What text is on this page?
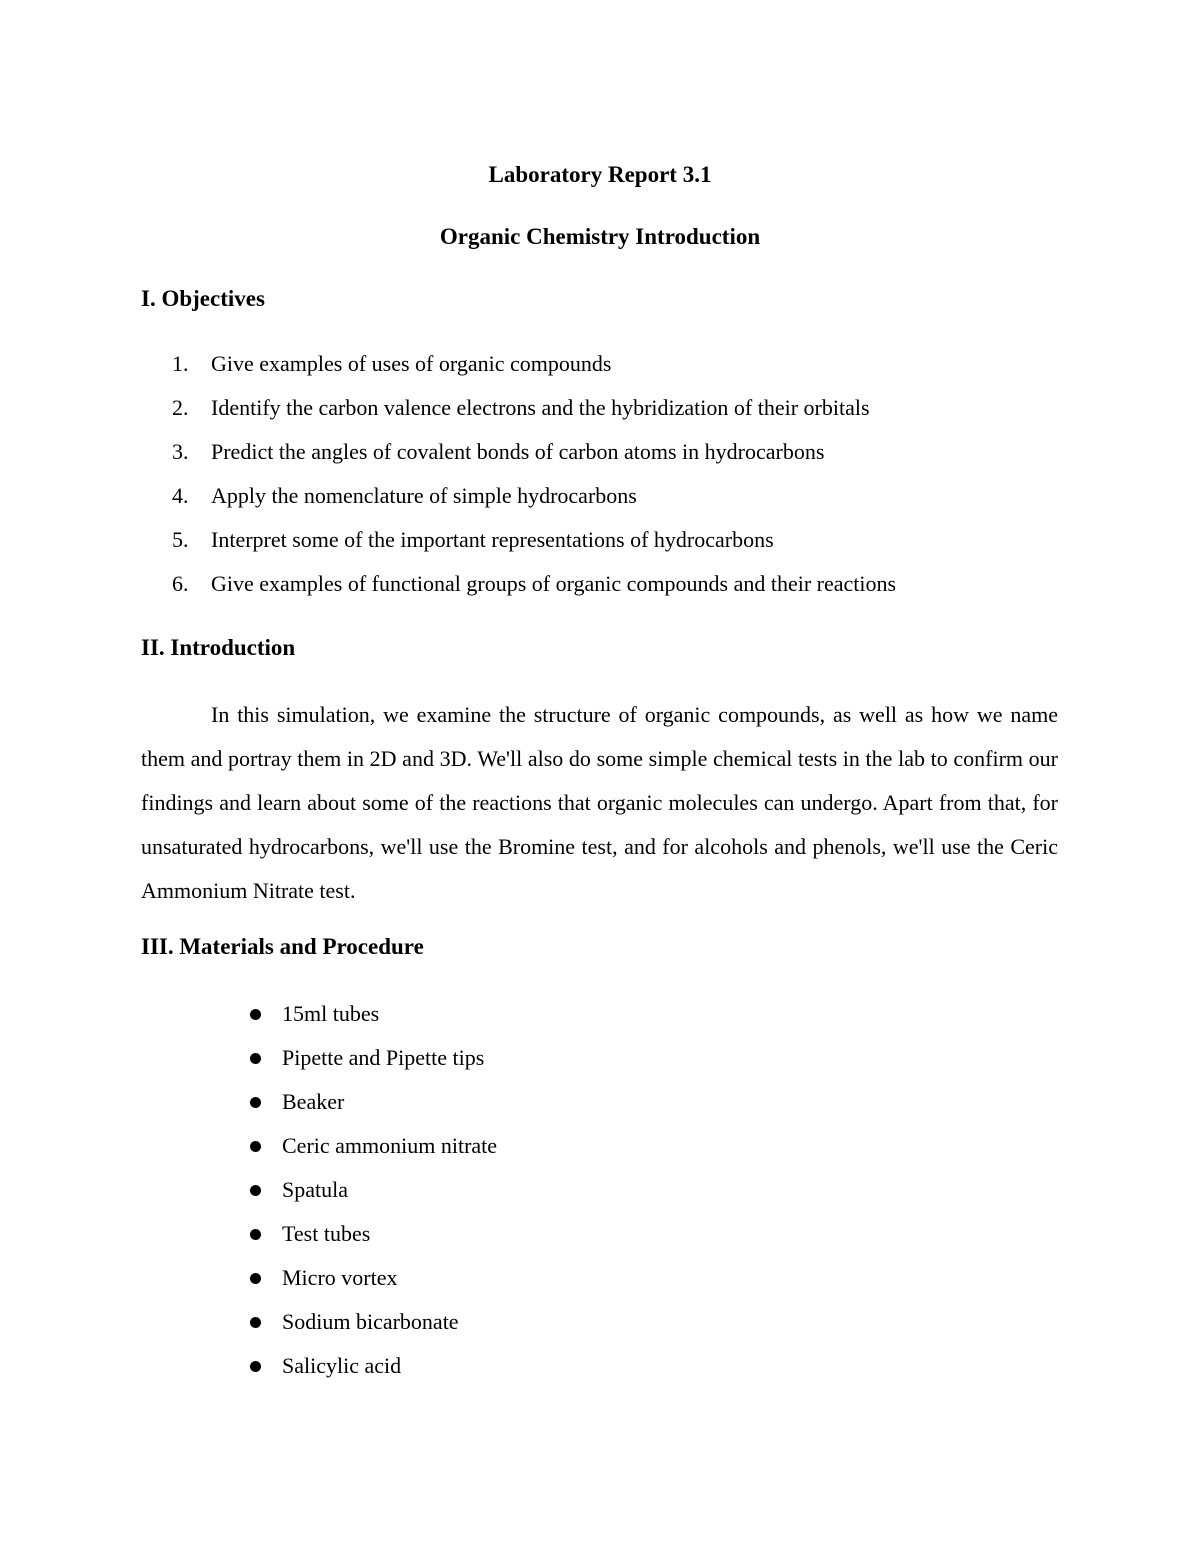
Laboratory Report 3.1
Organic Chemistry Introduction
I. Objectives
1.	Give examples of uses of organic compounds
2.	Identify the carbon valence electrons and the hybridization of their orbitals
3.	Predict the angles of covalent bonds of carbon atoms in hydrocarbons
4.	Apply the nomenclature of simple hydrocarbons
5.	Interpret some of the important representations of hydrocarbons
6.	Give examples of functional groups of organic compounds and their reactions
II. Introduction

In this simulation, we examine the structure of organic compounds, as well as how we name them and portray them in 2D and 3D. We'll also do some simple chemical tests in the lab to confirm our findings and learn about some of the reactions that organic molecules can undergo. Apart from that, for unsaturated hydrocarbons, we'll use the Bromine test, and for alcohols and phenols, we'll use the Ceric Ammonium Nitrate test.

III. Materials and Procedure
15ml tubes
Pipette and Pipette tips
Beaker
Ceric ammonium nitrate
Spatula
Test tubes
Micro vortex
Sodium bicarbonate
Salicylic acid
